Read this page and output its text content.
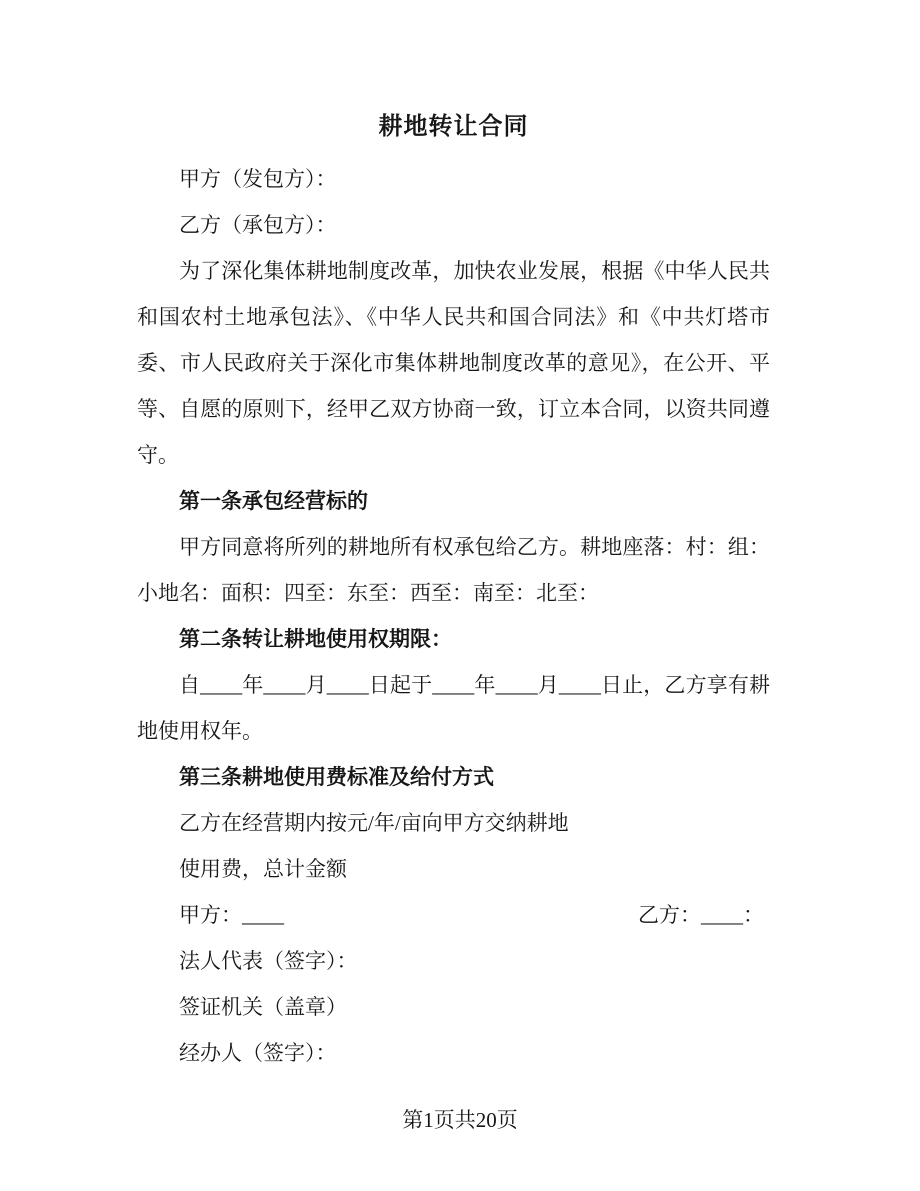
耕地转让合同

甲方（发包方）：

乙方（承包方）：

为了深化集体耕地制度改革，加快农业发展，根据《中华人民共和国农村土地承包法》、《中华人民共和国合同法》和《中共灯塔市委、市人民政府关于深化市集体耕地制度改革的意见》，在公开、平等、自愿的原则下，经甲乙双方协商一致，订立本合同，以资共同遵守。

第一条承包经营标的

甲方同意将所列的耕地所有权承包给乙方。耕地座落：村：组：小地名：面积：四至：东至：西至：南至：北至：

第二条转让耕地使用权期限：

自____年____月____日起于____年____月____日止，乙方享有耕地使用权年。

第三条耕地使用费标准及给付方式

乙方在经营期内按元/年/亩向甲方交纳耕地

使用费，总计金额

甲方：____	乙方：____：

法人代表（签字）：

签证机关（盖章）

经办人（签字）：

第1页共20页
